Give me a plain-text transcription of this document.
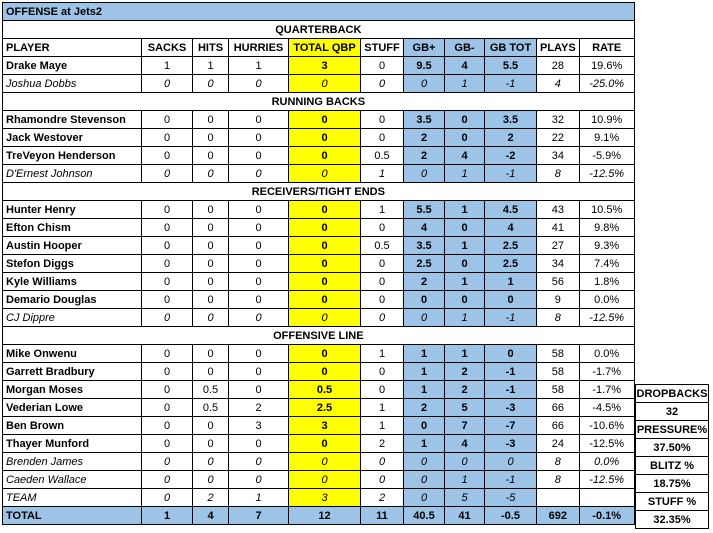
OFFENSE at Jets2											
QUARTERBACK											
PLAYER	SACKS	HITS	HURRIES	TOTAL QBP	STUFF	GB+	GB-	GB TOT	PLAYS	RATE	
Drake Maye	1	1	1	3	0	9.5	4	5.5	28	19.6%	
Joshua Dobbs	0	0	0	0	0	0	1	-1	4	-25.0%	
RUNNING BACKS											
Rhamondre Stevenson	0	0	0	0	0	3.5	0	3.5	32	10.9%	
Jack Westover	0	0	0	0	0	2	0	2	22	9.1%	
TreVeyon Henderson	0	0	0	0	0.5	2	4	-2	34	-5.9%	
D'Ernest Johnson	0	0	0	0	1	0	1	-1	8	-12.5%	
RECEIVERS/TIGHT ENDS											
Hunter Henry	0	0	0	0	1	5.5	1	4.5	43	10.5%	
Efton Chism	0	0	0	0	0	4	0	4	41	9.8%	
Austin Hooper	0	0	0	0	0.5	3.5	1	2.5	27	9.3%	
Stefon Diggs	0	0	0	0	0	2.5	0	2.5	34	7.4%	
Kyle Williams	0	0	0	0	0	2	1	1	56	1.8%	
Demario Douglas	0	0	0	0	0	0	0	0	9	0.0%	
CJ Dippre	0	0	0	0	0	0	1	-1	8	-12.5%	
OFFENSIVE LINE											
Mike Onwenu	0	0	0	0	1	1	1	0	58	0.0%	
Garrett Bradbury	0	0	0	0	0	1	2	-1	58	-1.7%	
Morgan Moses	0	0.5	0	0.5	0	1	2	-1	58	-1.7%	
Vederian Lowe	0	0.5	2	2.5	1	2	5	-3	66	-4.5%	
Ben Brown	0	0	3	3	1	0	7	-7	66	-10.6%	
Thayer Munford	0	0	0	0	2	1	4	-3	24	-12.5%	
Brenden James	0	0	0	0	0	0	0	0	8	0.0%	
Caeden Wallace	0	0	0	0	0	0	1	-1	8	-12.5%	
TEAM	0	2	1	3	2	0	5	-5			
TOTAL	1	4	7	12	11	40.5	41	-0.5	692	-0.1%	
DROPBACKS
32
PRESSURE%
37.50%
BLITZ %
18.75%
STUFF %
32.35%
